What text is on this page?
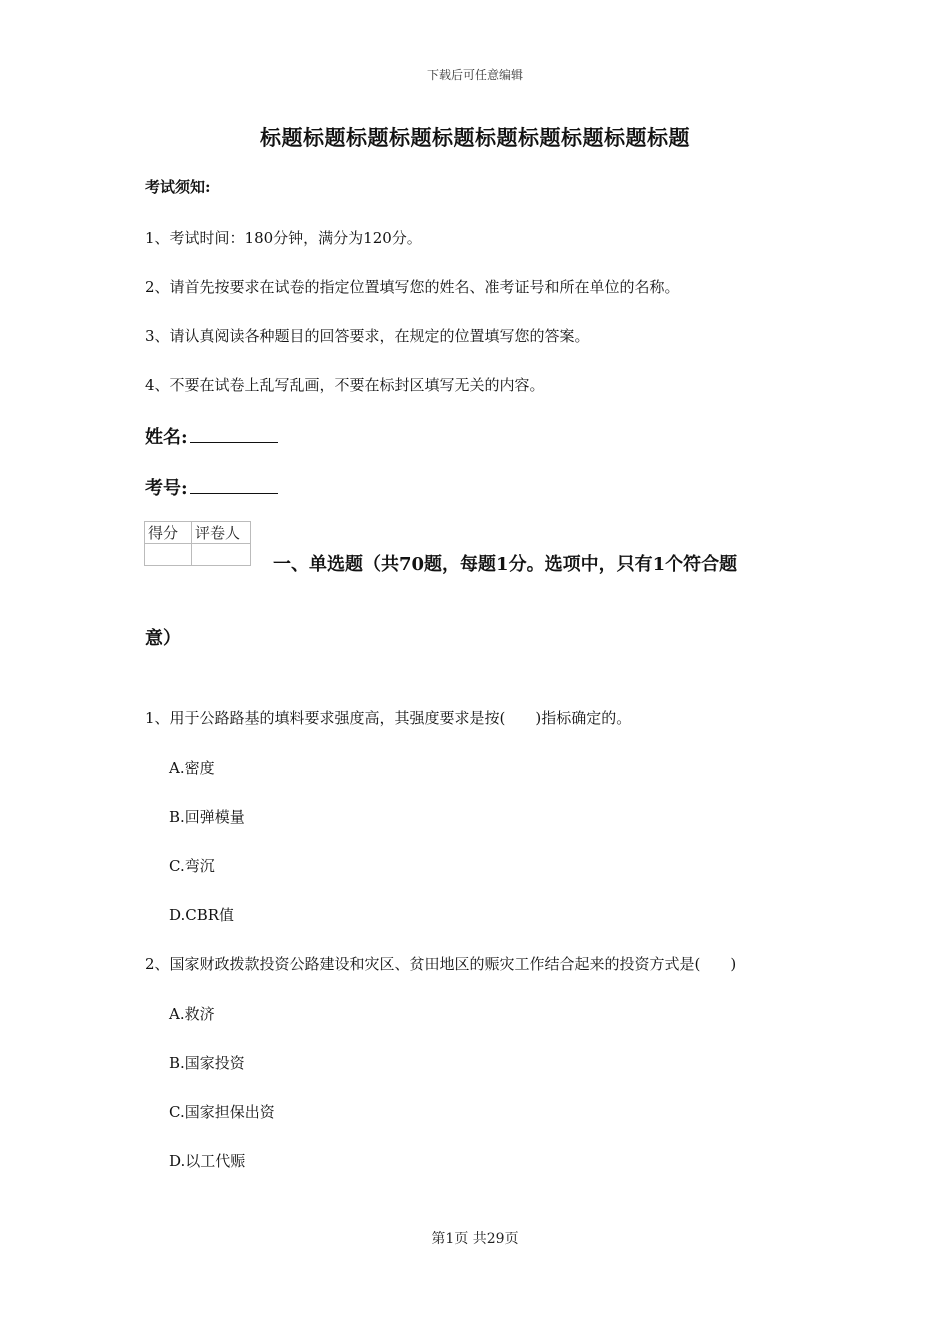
下载后可任意编辑
标题标题标题标题标题标题标题标题标题标题
考试须知:
1、考试时间：180分钟，满分为120分。
2、请首先按要求在试卷的指定位置填写您的姓名、准考证号和所在单位的名称。
3、请认真阅读各种题目的回答要求，在规定的位置填写您的答案。
4、不要在试卷上乱写乱画，不要在标封区填写无关的内容。
姓名:
考号:
得分	评卷人

一、单选题（共70题，每题1分。选项中，只有1个符合题
意）
1、用于公路路基的填料要求强度高，其强度要求是按(　　)指标确定的。
A.密度
B.回弹模量
C.弯沉
D.CBR值
2、国家财政拨款投资公路建设和灾区、贫田地区的赈灾工作结合起来的投资方式是(　　)
A.救济
B.国家投资
C.国家担保出资
D.以工代赈
第1页 共29页
